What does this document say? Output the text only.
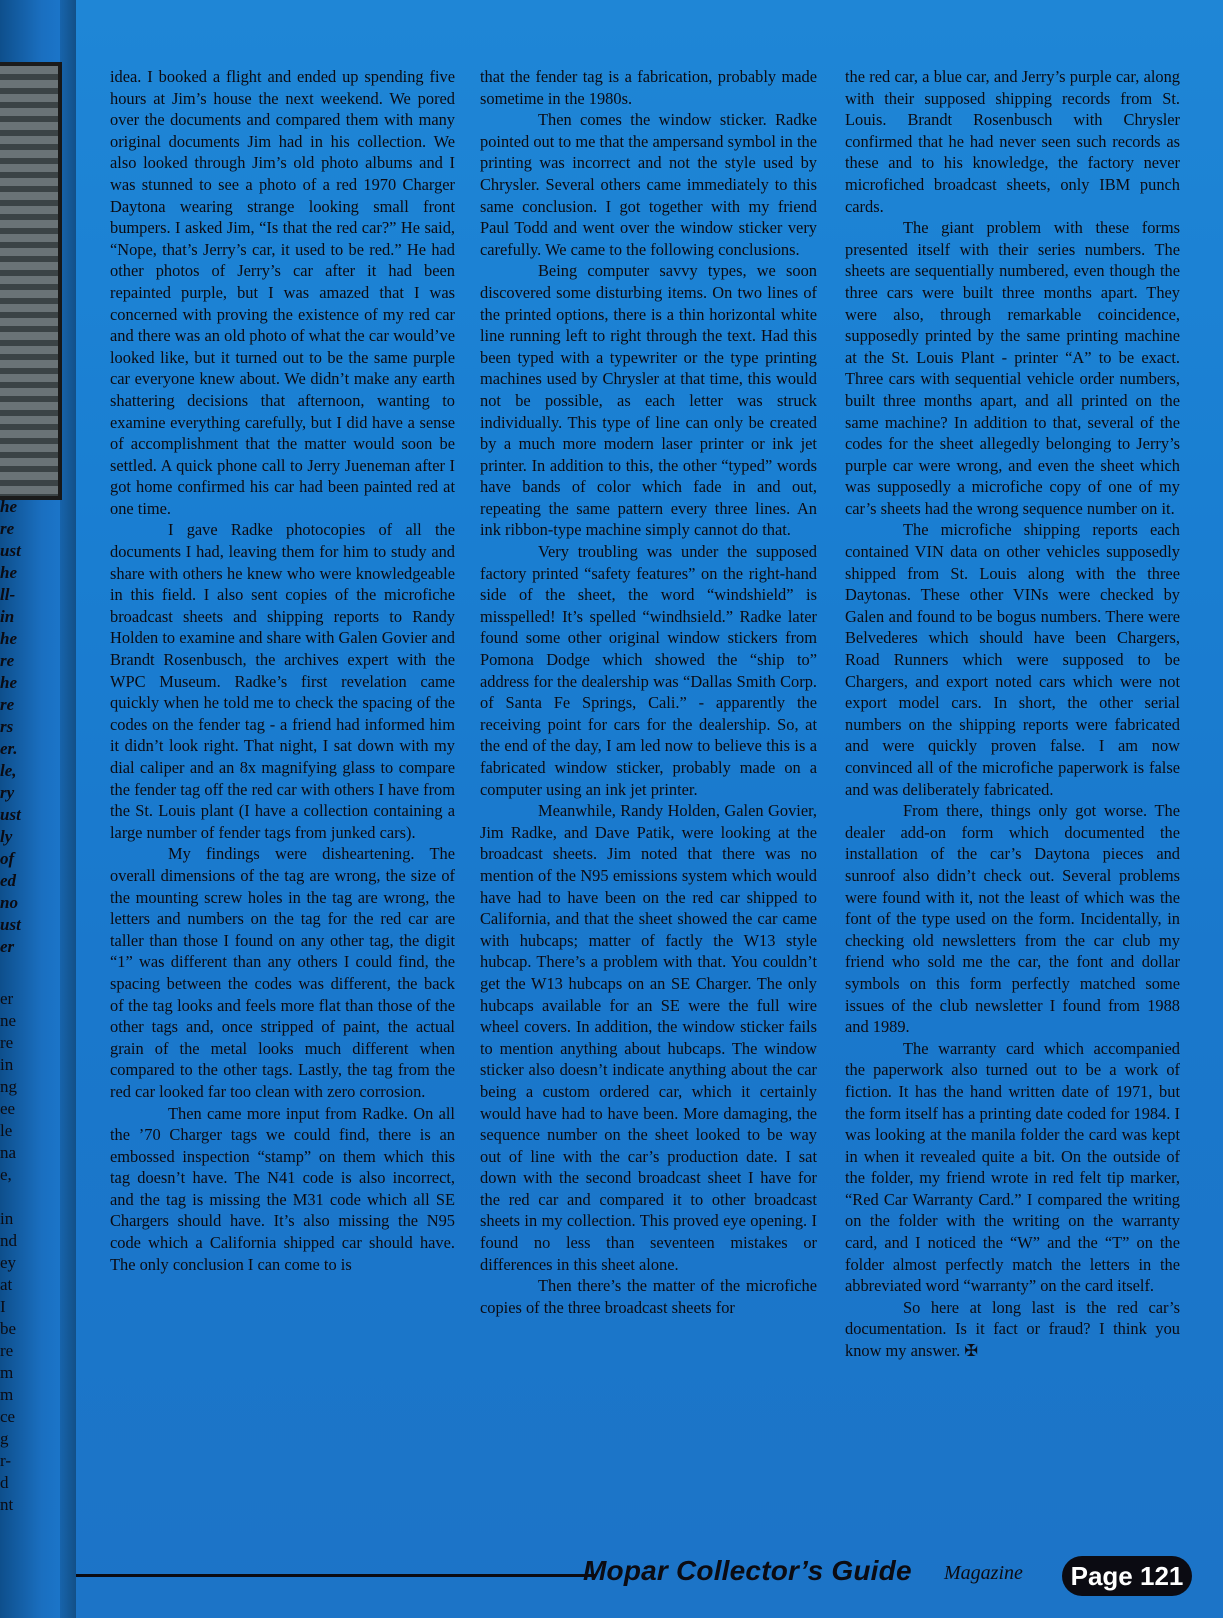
he
re
ust
he
ll-
in
he
re
he
re
rs
er.
le,
ry
ust
ly
of
ed
no
ust
er
er
ne
re
in
ng
ee
le
na
e,
in
nd
ey
at
I
be
re
m
m
ce
g
r-
d
nt

idea. I booked a flight and ended up spending five hours at Jim’s house the next weekend. We pored over the documents and compared them with many original documents Jim had in his collection. We also looked through Jim’s old photo albums and I was stunned to see a photo of a red 1970 Charger Daytona wearing strange looking small front bumpers. I asked Jim, “Is that the red car?” He said, “Nope, that’s Jerry’s car, it used to be red.” He had other photos of Jerry’s car after it had been repainted purple, but I was amazed that I was concerned with proving the existence of my red car and there was an old photo of what the car would’ve looked like, but it turned out to be the same purple car everyone knew about. We didn’t make any earth shattering decisions that afternoon, wanting to examine everything carefully, but I did have a sense of accomplishment that the matter would soon be settled. A quick phone call to Jerry Jueneman after I got home confirmed his car had been painted red at one time.

I gave Radke photocopies of all the documents I had, leaving them for him to study and share with others he knew who were knowledgeable in this field. I also sent copies of the microfiche broadcast sheets and shipping reports to Randy Holden to examine and share with Galen Govier and Brandt Rosenbusch, the archives expert with the WPC Museum. Radke’s first revelation came quickly when he told me to check the spacing of the codes on the fender tag - a friend had informed him it didn’t look right. That night, I sat down with my dial caliper and an 8x magnifying glass to compare the fender tag off the red car with others I have from the St. Louis plant (I have a collection containing a large number of fender tags from junked cars).

My findings were disheartening. The overall dimensions of the tag are wrong, the size of the mounting screw holes in the tag are wrong, the letters and numbers on the tag for the red car are taller than those I found on any other tag, the digit “1” was different than any others I could find, the spacing between the codes was different, the back of the tag looks and feels more flat than those of the other tags and, once stripped of paint, the actual grain of the metal looks much different when compared to the other tags. Lastly, the tag from the red car looked far too clean with zero corrosion.

Then came more input from Radke. On all the ’70 Charger tags we could find, there is an embossed inspection “stamp” on them which this tag doesn’t have. The N41 code is also incorrect, and the tag is missing the M31 code which all SE Chargers should have. It’s also missing the N95 code which a California shipped car should have. The only conclusion I can come to is

that the fender tag is a fabrication, probably made sometime in the 1980s.

Then comes the window sticker. Radke pointed out to me that the ampersand symbol in the printing was incorrect and not the style used by Chrysler. Several others came immediately to this same conclusion. I got together with my friend Paul Todd and went over the window sticker very carefully. We came to the following conclusions.

Being computer savvy types, we soon discovered some disturbing items. On two lines of the printed options, there is a thin horizontal white line running left to right through the text. Had this been typed with a typewriter or the type printing machines used by Chrysler at that time, this would not be possible, as each letter was struck individually. This type of line can only be created by a much more modern laser printer or ink jet printer. In addition to this, the other “typed” words have bands of color which fade in and out, repeating the same pattern every three lines. An ink ribbon-type machine simply cannot do that.

Very troubling was under the supposed factory printed “safety features” on the right-hand side of the sheet, the word “windshield” is misspelled! It’s spelled “windhsield.” Radke later found some other original window stickers from Pomona Dodge which showed the “ship to” address for the dealership was “Dallas Smith Corp. of Santa Fe Springs, Cali.” - apparently the receiving point for cars for the dealership. So, at the end of the day, I am led now to believe this is a fabricated window sticker, probably made on a computer using an ink jet printer.

Meanwhile, Randy Holden, Galen Govier, Jim Radke, and Dave Patik, were looking at the broadcast sheets. Jim noted that there was no mention of the N95 emissions system which would have had to have been on the red car shipped to California, and that the sheet showed the car came with hubcaps; matter of factly the W13 style hubcap. There’s a problem with that. You couldn’t get the W13 hubcaps on an SE Charger. The only hubcaps available for an SE were the full wire wheel covers. In addition, the window sticker fails to mention anything about hubcaps. The window sticker also doesn’t indicate anything about the car being a custom ordered car, which it certainly would have had to have been. More damaging, the sequence number on the sheet looked to be way out of line with the car’s production date. I sat down with the second broadcast sheet I have for the red car and compared it to other broadcast sheets in my collection. This proved eye opening. I found no less than seventeen mistakes or differences in this sheet alone.

Then there’s the matter of the microfiche copies of the three broadcast sheets for

the red car, a blue car, and Jerry’s purple car, along with their supposed shipping records from St. Louis. Brandt Rosenbusch with Chrysler confirmed that he had never seen such records as these and to his knowledge, the factory never microfiched broadcast sheets, only IBM punch cards.

The giant problem with these forms presented itself with their series numbers. The sheets are sequentially numbered, even though the three cars were built three months apart. They were also, through remarkable coincidence, supposedly printed by the same printing machine at the St. Louis Plant - printer “A” to be exact. Three cars with sequential vehicle order numbers, built three months apart, and all printed on the same machine? In addition to that, several of the codes for the sheet allegedly belonging to Jerry’s purple car were wrong, and even the sheet which was supposedly a microfiche copy of one of my car’s sheets had the wrong sequence number on it.

The microfiche shipping reports each contained VIN data on other vehicles supposedly shipped from St. Louis along with the three Daytonas. These other VINs were checked by Galen and found to be bogus numbers. There were Belvederes which should have been Chargers, Road Runners which were supposed to be Chargers, and export noted cars which were not export model cars. In short, the other serial numbers on the shipping reports were fabricated and were quickly proven false. I am now convinced all of the microfiche paperwork is false and was deliberately fabricated.

From there, things only got worse. The dealer add-on form which documented the installation of the car’s Daytona pieces and sunroof also didn’t check out. Several problems were found with it, not the least of which was the font of the type used on the form. Incidentally, in checking old newsletters from the car club my friend who sold me the car, the font and dollar symbols on this form perfectly matched some issues of the club newsletter I found from 1988 and 1989.

The warranty card which accompanied the paperwork also turned out to be a work of fiction. It has the hand written date of 1971, but the form itself has a printing date coded for 1984. I was looking at the manila folder the card was kept in when it revealed quite a bit. On the outside of the folder, my friend wrote in red felt tip marker, “Red Car Warranty Card.” I compared the writing on the folder with the writing on the warranty card, and I noticed the “W” and the “T” on the folder almost perfectly match the letters in the abbreviated word “warranty” on the card itself.

So here at long last is the red car’s documentation. Is it fact or fraud? I think you know my answer. ✠

Mopar Collector’s Guide Magazine	Page 121
